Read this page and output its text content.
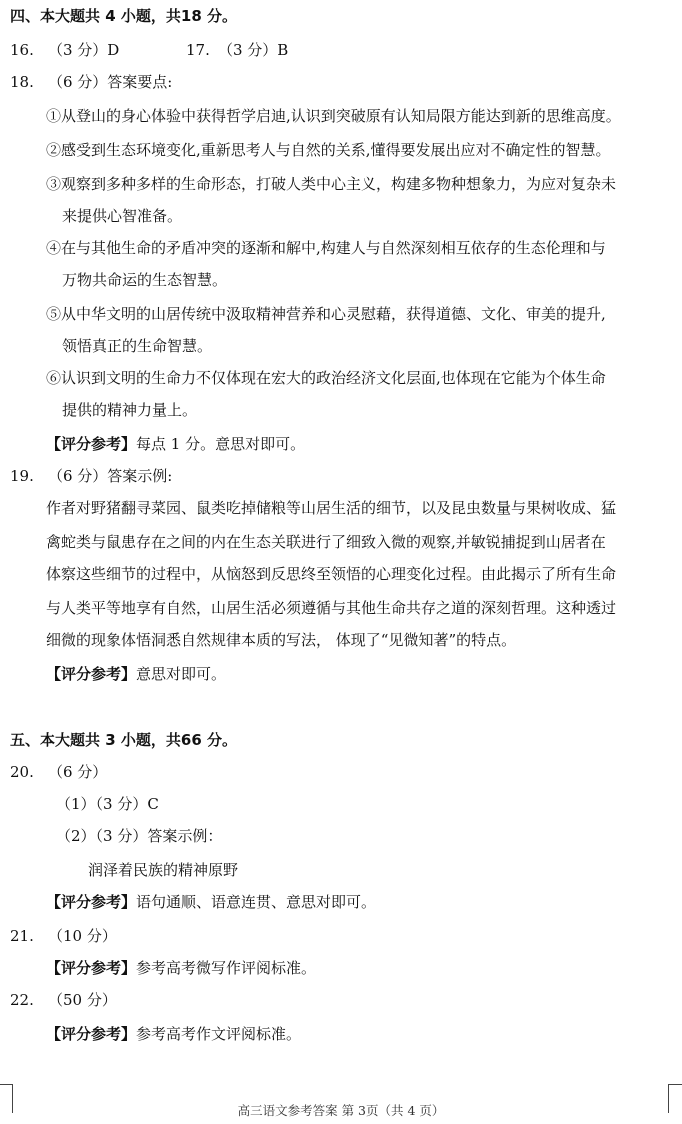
四、本大题共 4 小题，共18 分。
16. （3 分）D	17. （3 分）B
18. （6 分）答案要点:
①从登山的身心体验中获得哲学启迪,认识到突破原有认知局限方能达到新的思维高度。
②感受到生态环境变化,重新思考人与自然的关系,懂得要发展出应对不确定性的智慧。
③观察到多种多样的生命形态，打破人类中心主义，构建多物种想象力，为应对复杂未
来提供心智准备。
④在与其他生命的矛盾冲突的逐渐和解中,构建人与自然深刻相互依存的生态伦理和与
万物共命运的生态智慧。
⑤从中华文明的山居传统中汲取精神营养和心灵慰藉，获得道德、文化、审美的提升,
领悟真正的生命智慧。
⑥认识到文明的生命力不仅体现在宏大的政治经济文化层面,也体现在它能为个体生命
提供的精神力量上。
【评分参考】每点 1 分。意思对即可。
19. （6 分）答案示例:
作者对野猪翻寻菜园、鼠类吃掉储粮等山居生活的细节，以及昆虫数量与果树收成、猛
禽蛇类与鼠患存在之间的内在生态关联进行了细致入微的观察,并敏锐捕捉到山居者在
体察这些细节的过程中，从恼怒到反思终至领悟的心理变化过程。由此揭示了所有生命
与人类平等地享有自然，山居生活必须遵循与其他生命共存之道的深刻哲理。这种透过
细微的现象体悟洞悉自然规律本质的写法， 体现了“见微知著”的特点。
【评分参考】意思对即可。
五、本大题共 3 小题，共66 分。
20. （6 分）
（1）（3 分）C
（2）（3 分）答案示例：
润泽着民族的精神原野
【评分参考】语句通顺、语意连贯、意思对即可。
21. （10 分）
【评分参考】参考高考微写作评阅标准。
22. （50 分）
【评分参考】参考高考作文评阅标准。
高三语文参考答案 第 3页（共 4 页）
